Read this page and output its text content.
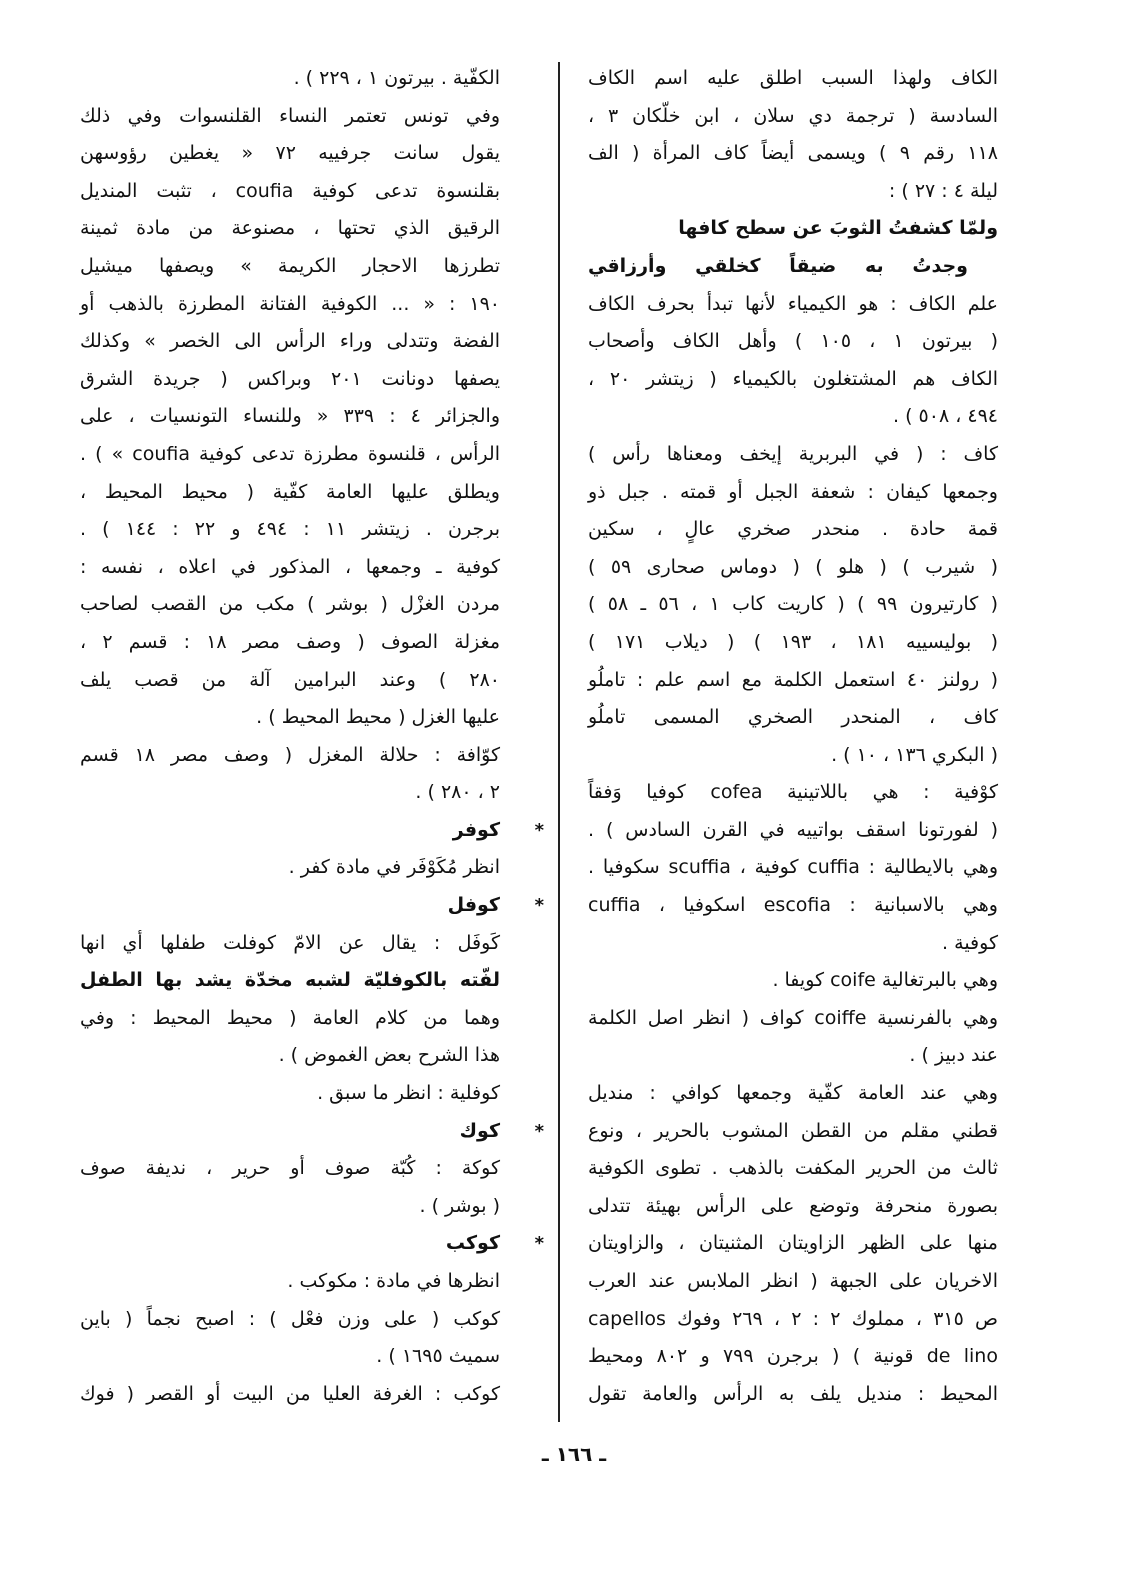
الكاف ولهذا السبب اطلق عليه اسم الكاف
السادسة ( ترجمة دي سلان ، ابن خلّكان ٣ ،
١١٨ رقم ٩ ) ويسمى أيضاً كاف المرأة ( الف
ليلة ٤ : ٢٧ ) :
ولمّا كشفتُ الثوبَ عن سطح كافها
وجدتُ به ضيقاً كخلقي وأرزاقي
علم الكاف : هو الكيمياء لأنها تبدأ بحرف الكاف
( بيرتون ١ ، ١٠٥ ) وأهل الكاف وأصحاب
الكاف هم المشتغلون بالكيمياء ( زيتشر ٢٠ ،
٤٩٤ ، ٥٠٨ ) .
كاف : ( في البربرية إيخف ومعناها رأس )
وجمعها كيفان : شعفة الجبل أو قمته . جبل ذو
قمة حادة . منحدر صخري عالٍ ، سكين
( شيرب ) ( هلو ) ( دوماس صحارى ٥٩ )
( كارتيرون ٩٩ ) ( كاريت كاب ١ ، ٥٦ ـ ٥٨ )
( بوليسييه ١٨١ ، ١٩٣ ) ( ديلاب ١٧١ )
( رولنز ٤٠ استعمل الكلمة مع اسم علم : تاملُو
كاف ، المنحدر الصخري المسمى تاملُو
( البكري ١٣٦ ، ١٠ ) .
كوْفية : هي باللاتينية cofea كوفيا وَفقاً
( لفورتونا اسقف بواتييه في القرن السادس ) .
وهي بالايطالية : cuffia كوفية ، scuffia سكوفيا .
وهي بالاسبانية : escofia اسكوفيا ، cuffia
كوفية .
وهي بالبرتغالية coife كويفا .
وهي بالفرنسية coiffe كواف ( انظر اصل الكلمة
عند دبيز ) .
وهي عند العامة كفّية وجمعها كوافي : منديل
قطني مقلم من القطن المشوب بالحرير ، ونوع
ثالث من الحرير المكفت بالذهب . تطوى الكوفية
بصورة منحرفة وتوضع على الرأس بهيئة تتدلى
منها على الظهر الزاويتان المثنيتان ، والزاويتان
الاخريان على الجبهة ( انظر الملابس عند العرب
ص ٣١٥ ، مملوك ٢ : ٢ ، ٢٦٩ وفوك capellos
de lino قونية ) ( برجرن ٧٩٩ و ٨٠٢ ومحيط
المحيط : منديل يلف به الرأس والعامة تقول
الكفّية . بيرتون ١ ، ٢٢٩ ) .
وفي تونس تعتمر النساء القلنسوات وفي ذلك
يقول سانت جرفييه ٧٢ « يغطين رؤوسهن
بقلنسوة تدعى كوفية coufia ، تثبت المنديل
الرقيق الذي تحتها ، مصنوعة من مادة ثمينة
تطرزها الاحجار الكريمة » ويصفها ميشيل
١٩٠ : « ... الكوفية الفتانة المطرزة بالذهب أو
الفضة وتتدلى وراء الرأس الى الخصر » وكذلك
يصفها دونانت ٢٠١ وبراكس ( جريدة الشرق
والجزائر ٤ : ٣٣٩ « وللنساء التونسيات ، على
الرأس ، قلنسوة مطرزة تدعى كوفية coufia » ) .
ويطلق عليها العامة كفّية ( محيط المحيط ،
برجرن . زيتشر ١١ : ٤٩٤ و ٢٢ : ١٤٤ ) .
كوفية ـ وجمعها ، المذكور في اعلاه ، نفسه :
مردن الغزْل ( بوشر ) مكب من القصب لصاحب
مغزلة الصوف ( وصف مصر ١٨ : قسم ٢ ،
٢٨٠ ) وعند البرامين آلة من قصب يلف
عليها الغزل ( محيط المحيط ) .
كوّافة : حلالة المغزل ( وصف مصر ١٨ قسم
٢ ، ٢٨٠ ) .
*
كوفر
انظر مُكَوْفَر في مادة كفر .
*
كوفل
كَوفَل : يقال عن الامّ كوفلت طفلها أي انها
لفّته بالكوفليّة لشبه مخدّة يشد بها الطفل
وهما من كلام العامة ( محيط المحيط : وفي
هذا الشرح بعض الغموض ) .
كوفلية : انظر ما سبق .
*
كوك
كوكة : كُبّة صوف أو حرير ، نديفة صوف
( بوشر ) .
*
كوكب
انظرها في مادة : مكوكب .
كوكب ( على وزن فعْل ) : اصبح نجماً ( باين
سميث ١٦٩٥ ) .
كوكب : الغرفة العليا من البيت أو القصر ( فوك
ـ ١٦٦ ـ
